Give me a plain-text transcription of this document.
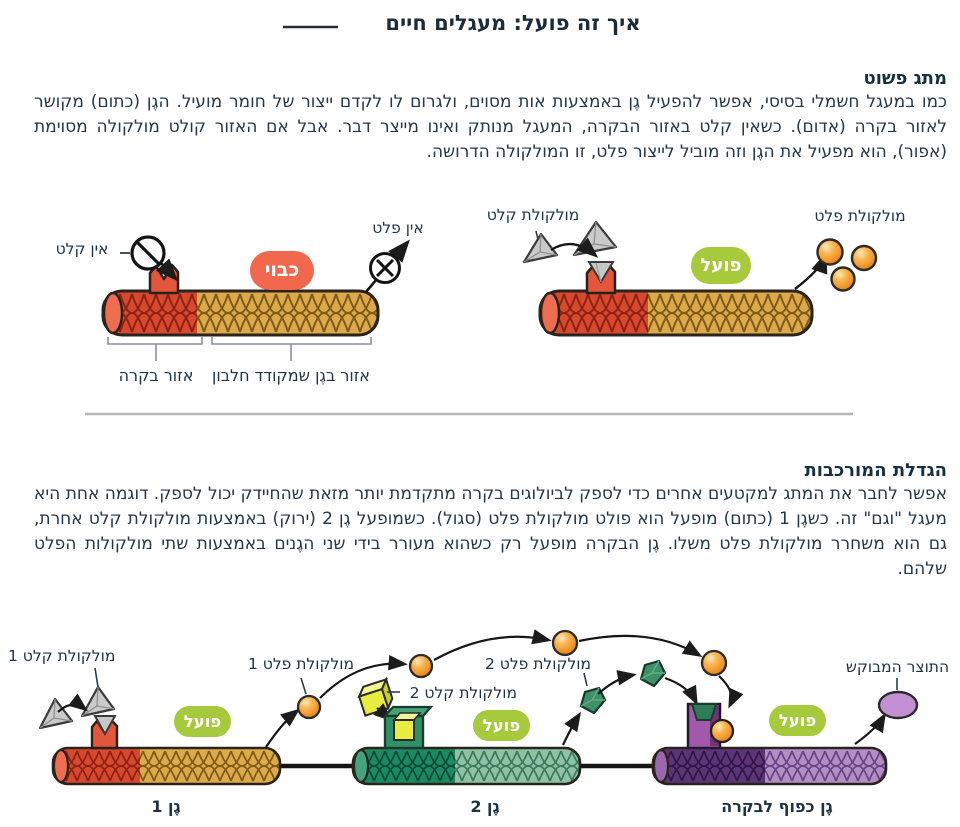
איך זה פועל: מעגלים חיים
מתג פשוט
כמו במעגל חשמלי בסיסי, אפשר להפעיל גֶן באמצעות אות מסוים, ולגרום לו לקדם ייצור של חומר מועיל. הגֶן (כתום) מקושר לאזור בקרה (אדום). כשאין קלט באזור הבקרה, המעגל מנותק ואינו מייצר דבר. אבל אם האזור קולט מולקולה מסוימת (אפור), הוא מפעיל את הגֶן וזה מוביל לייצור פלט, זו המולקולה הדרושה.
אין קלט
אין פלט
כבוי
אזור בקרה	אזור בגֶן שמקודד חלבון
מולקולת קלט
פועל
מולקולת פלט
הגדלת המורכבות
אפשר לחבר את המתג למקטעים אחרים כדי לספק לביולוגים בקרה מתקדמת יותר מזאת שהחיידק יכול לספק. דוגמה אחת היא מעגל "וגם" זה. כשגֶן 1 (כתום) מופעל הוא פולט מולקולת פלט (סגול). כשמופעל גֶן 2 (ירוק) באמצעות מולקולת קלט אחרת, גם הוא משחרר מולקולת פלט משלו. גֶן הבקרה מופעל רק כשהוא מעורר בידי שני הגֶנים באמצעות שתי מולקולות הפלט שלהם.
מולקולת קלט 1	מולקולת פלט 1
מולקולת קלט 2
מולקולת פלט 2	התוצר המבוקש
פועל	פועל	פועל
גֶן 1	גֶן 2	גֶן כפוף לבקרה
